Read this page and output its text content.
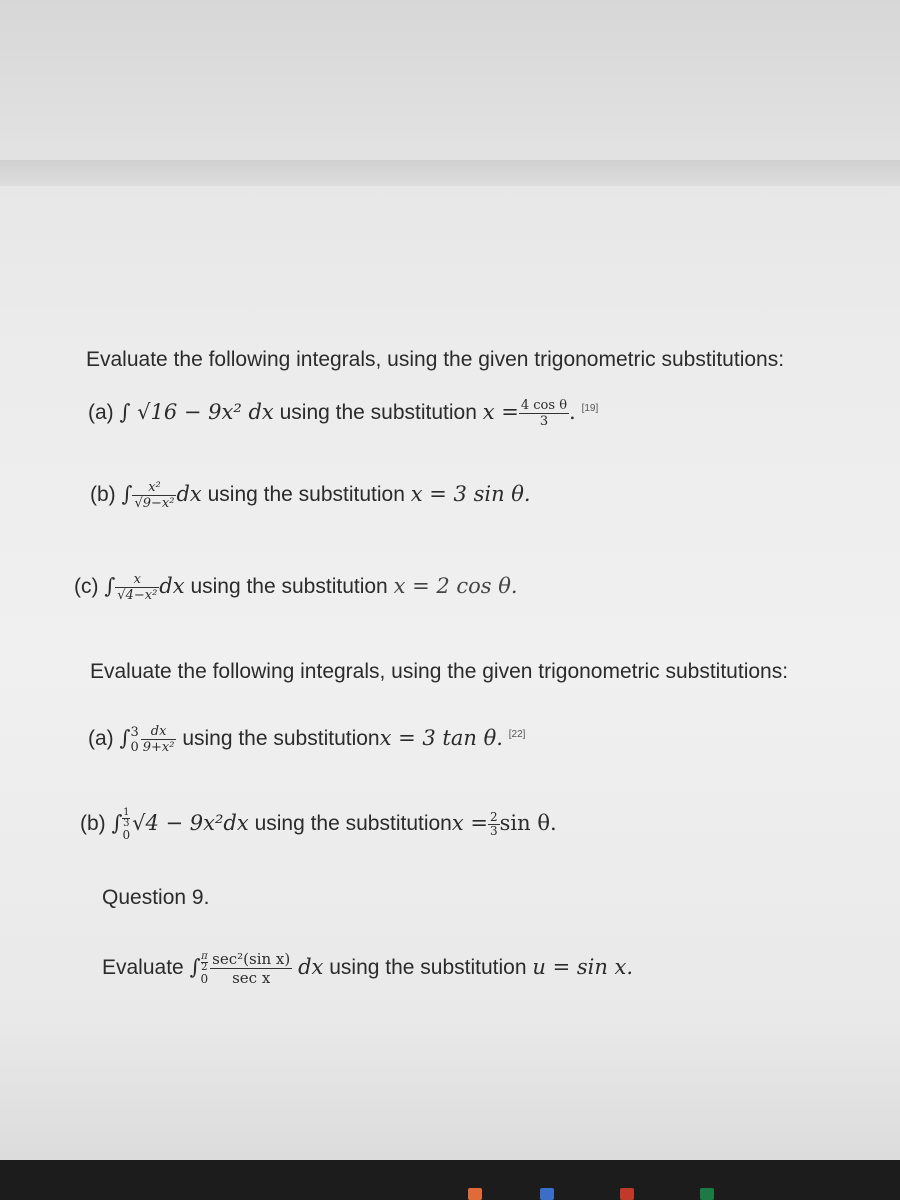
Evaluate the following integrals, using the given trigonometric substitutions:
(a) ∫ √16 − 9x² dx using the substitution $x = \frac{\text{4 cos θ}}{3}$ . [19]
(b) ∫ $\frac{\text{x²}}{\text{√9−x²}}$ dx using the substitution x = 3 sin θ.
(c) ∫ $\frac{x}{\text{√4−x²}}$ dx using the substitution x = 2 cos θ.
Evaluate the following integrals, using the given trigonometric substitutions:
(a) ∫ 3
$0 \frac{dx}{\text{9+x²}}$ using the substitutionx = 3 tan θ. [22]
(b) ∫ 1
3
0 √4 − 9x²dx using the substitutionx = $\frac{2}{3}$ sin θ.
Question 9.
Evaluate ∫ π
2
$0 \frac{\text{sec²(sin x)}}{\text{sec x}}$ dx using the substitution u = sin x.
